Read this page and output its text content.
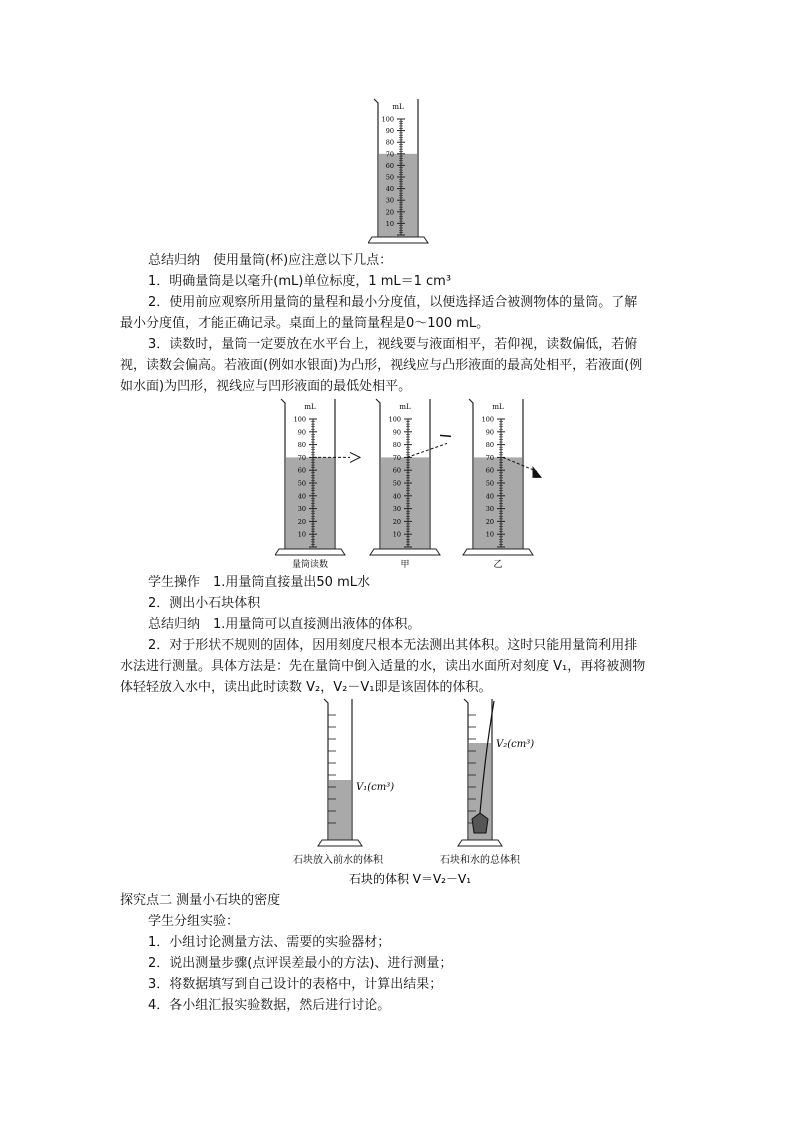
mL
100
90
80
70
60
50
40
30
20
10
总结归纳　使用量筒(杯)应注意以下几点：
1．明确量筒是以毫升(mL)单位标度，1 mL＝1 cm³
2．使用前应观察所用量筒的量程和最小分度值，以便选择适合被测物体的量筒。了解
最小分度值，才能正确记录。桌面上的量筒量程是0～100 mL。
3．读数时，量筒一定要放在水平台上，视线要与液面相平，若仰视，读数偏低，若俯
视，读数会偏高。若液面(例如水银面)为凸形，视线应与凸形液面的最高处相平，若液面(例
如水面)为凹形，视线应与凹形液面的最低处相平。
mL
100
90
80
70
60
50
40
30
20
10
mL
100
90
80
70
60
50
40
30
20
10
mL
100
90
80
70
60
50
40
30
20
10
量筒读数	甲	乙
学生操作　1.用量筒直接量出50 mL水
2．测出小石块体积
总结归纳　1.用量筒可以直接测出液体的体积。
2．对于形状不规则的固体，因用刻度尺根本无法测出其体积。这时只能用量筒利用排
水法进行测量。具体方法是：先在量筒中倒入适量的水，读出水面所对刻度 V₁，再将被测物
体轻轻放入水中，读出此时读数 V₂，V₂－V₁即是该固体的体积。
V₁(cm³)
V₂(cm³)
石块放入前水的体积	石块和水的总体积
石块的体积 V＝V₂－V₁
探究点二 测量小石块的密度
学生分组实验：
1．小组讨论测量方法、需要的实验器材；
2．说出测量步骤(点评误差最小的方法)、进行测量；
3．将数据填写到自己设计的表格中，计算出结果；
4．各小组汇报实验数据，然后进行讨论。
